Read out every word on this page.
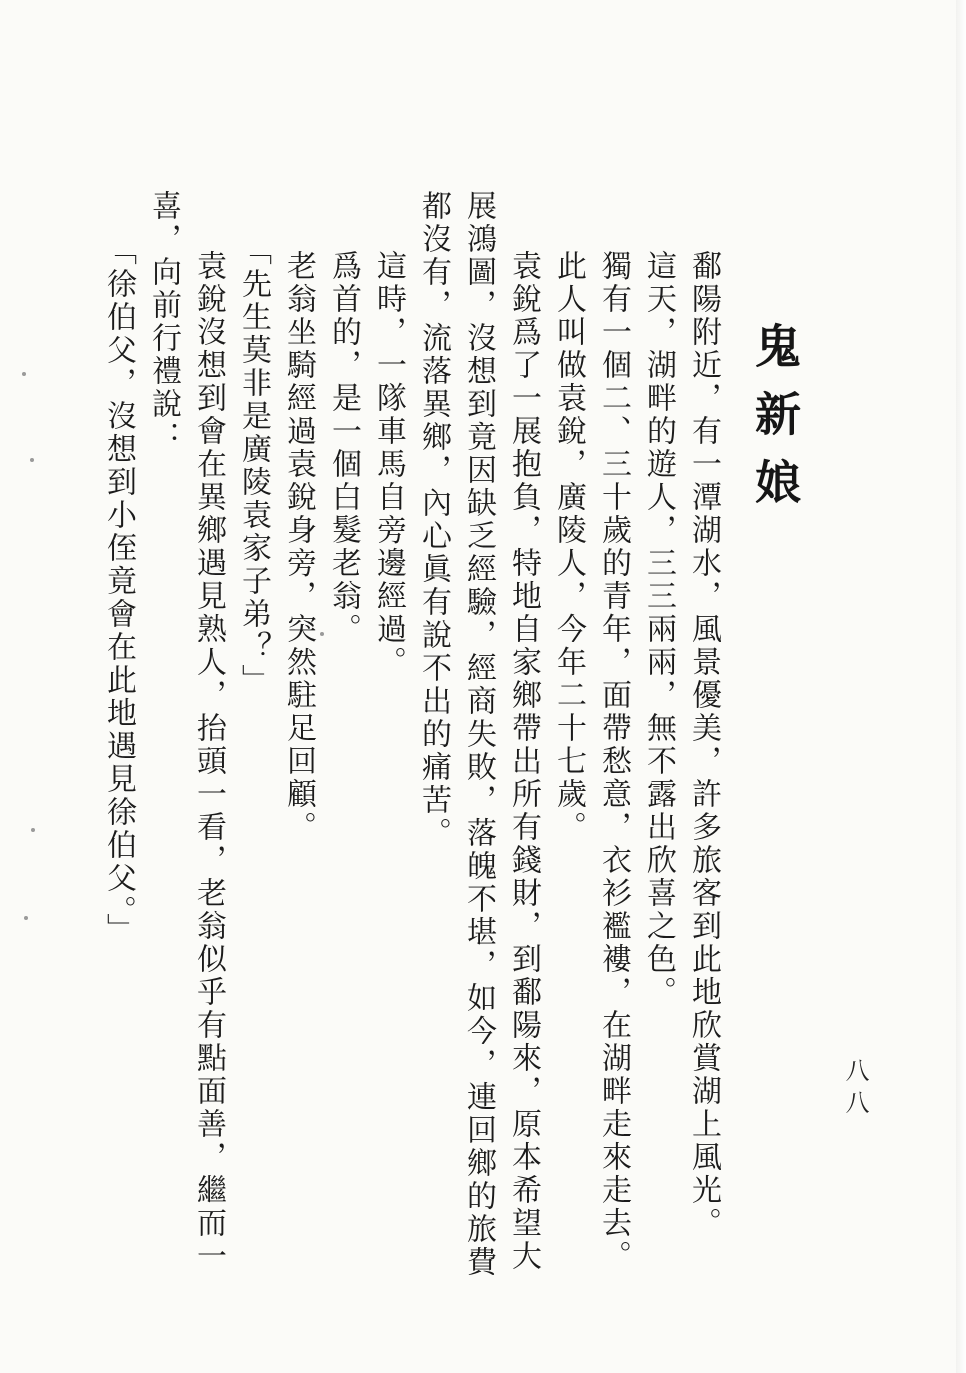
鬼新娘

鄱陽附近，有一潭湖水，風景優美，許多旅客到此地欣賞湖上風光。

這天，湖畔的遊人，三三兩兩，無不露出欣喜之色。

獨有一個二、三十歲的青年，面帶愁意，衣衫襤褸，在湖畔走來走去。

此人叫做袁銳，廣陵人，今年二十七歲。

袁銳爲了一展抱負，特地自家鄉帶出所有錢財，到鄱陽來，原本希望大展鴻圖，沒想到竟因缺乏經驗，經商失敗，落魄不堪，如今，連回鄉的旅費都沒有，流落異鄉，內心眞有說不出的痛苦。

這時，一隊車馬自旁邊經過。

爲首的，是一個白髮老翁。

老翁坐騎經過袁銳身旁，突然駐足回顧。

「先生莫非是廣陵袁家子弟？」

袁銳沒想到會在異鄉遇見熟人，抬頭一看，老翁似乎有點面善，繼而一喜，向前行禮說：

「徐伯父，沒想到小侄竟會在此地遇見徐伯父。」

八八
